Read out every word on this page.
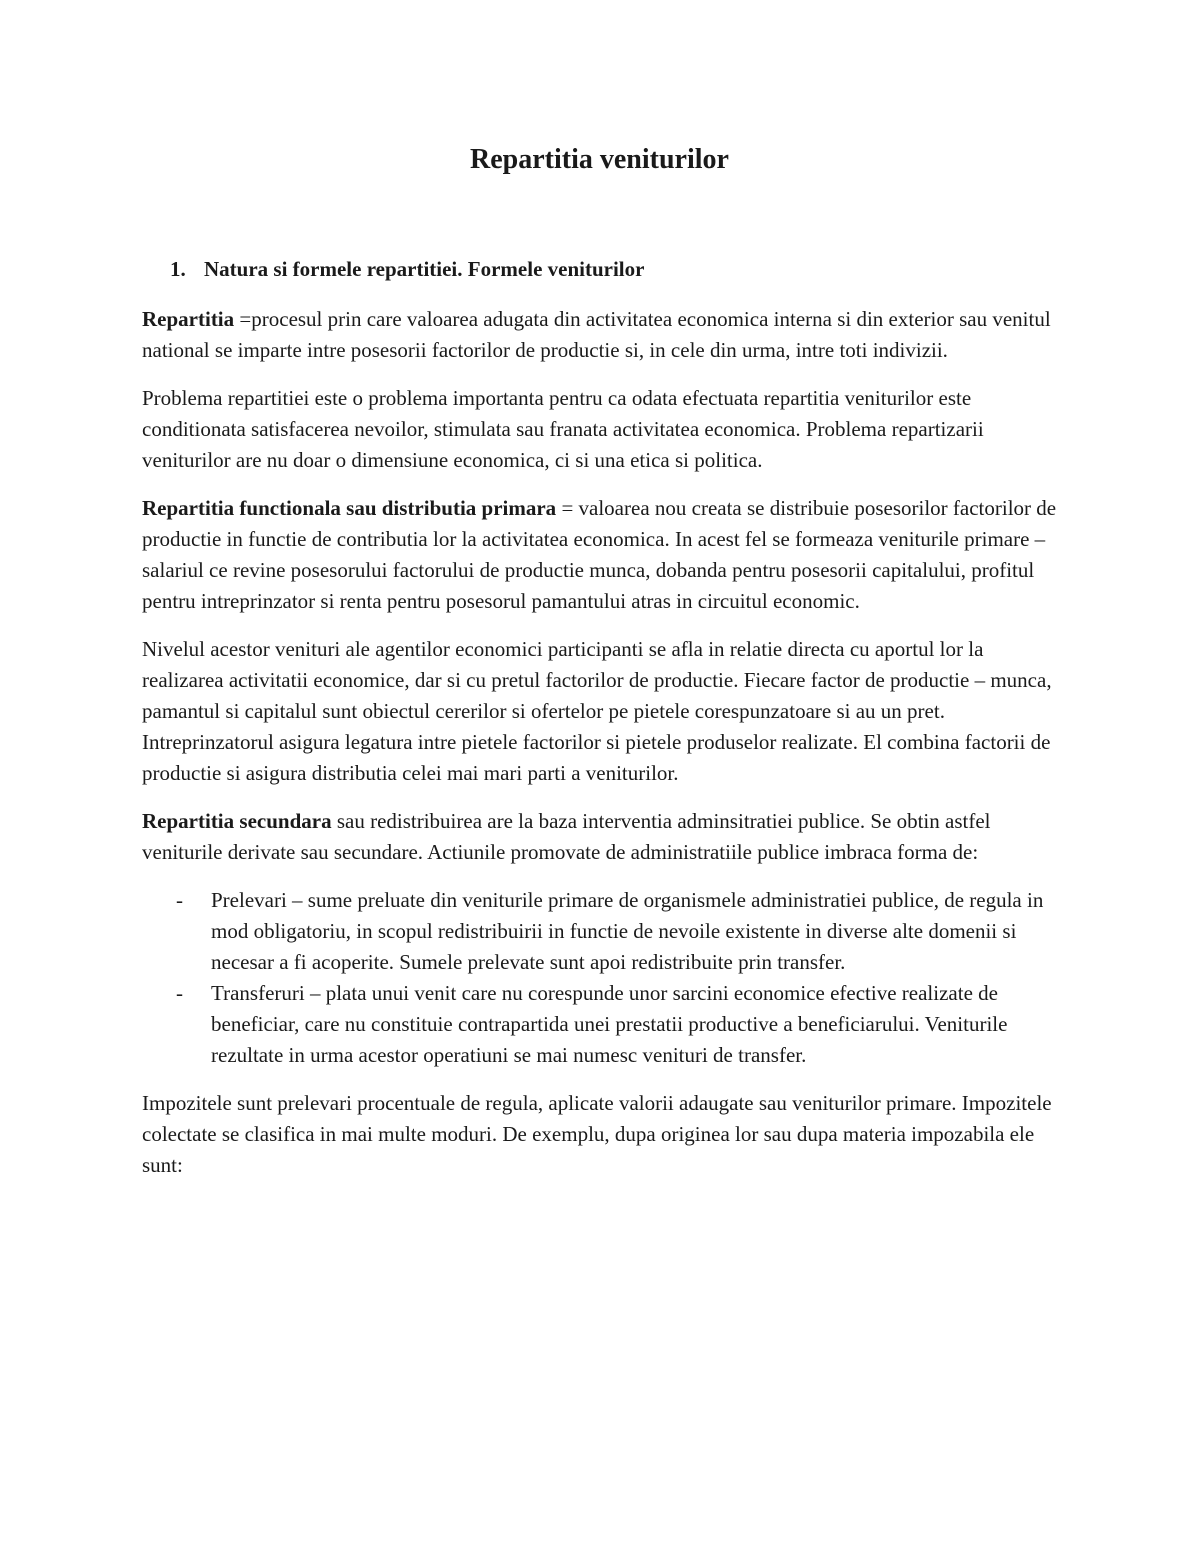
Repartitia veniturilor
1. Natura si formele repartitiei. Formele veniturilor

Repartitia =procesul prin care valoarea adugata din activitatea economica interna si din exterior sau venitul national se imparte intre posesorii factorilor de productie si, in cele din urma, intre toti indivizii.

Problema repartitiei este o problema importanta pentru ca odata efectuata repartitia veniturilor este conditionata satisfacerea nevoilor, stimulata sau franata activitatea economica. Problema repartizarii veniturilor are nu doar o dimensiune economica, ci si una etica si politica.

Repartitia functionala sau distributia primara = valoarea nou creata se distribuie posesorilor factorilor de productie in functie de contributia lor la activitatea economica. In acest fel se formeaza veniturile primare – salariul ce revine posesorului factorului de productie munca, dobanda pentru posesorii capitalului, profitul pentru intreprinzator si renta pentru posesorul pamantului atras in circuitul economic.

Nivelul acestor venituri ale agentilor economici participanti se afla in relatie directa cu aportul lor la realizarea activitatii economice, dar si cu pretul factorilor de productie. Fiecare factor de productie – munca, pamantul si capitalul sunt obiectul cererilor si ofertelor pe pietele corespunzatoare si au un pret. Intreprinzatorul asigura legatura intre pietele factorilor si pietele produselor realizate. El combina factorii de productie si asigura distributia celei mai mari parti a veniturilor.

Repartitia secundara sau redistribuirea are la baza interventia adminsitratiei publice. Se obtin astfel veniturile derivate sau secundare. Actiunile promovate de administratiile publice imbraca forma de:

- Prelevari – sume preluate din veniturile primare de organismele administratiei publice, de regula in mod obligatoriu, in scopul redistribuirii in functie de nevoile existente in diverse alte domenii si necesar a fi acoperite. Sumele prelevate sunt apoi redistribuite prin transfer.
- Transferuri – plata unui venit care nu corespunde unor sarcini economice efective realizate de beneficiar, care nu constituie contrapartida unei prestatii productive a beneficiarului. Veniturile rezultate in urma acestor operatiuni se mai numesc venituri de transfer.

Impozitele sunt prelevari procentuale de regula, aplicate valorii adaugate sau veniturilor primare. Impozitele colectate se clasifica in mai multe moduri. De exemplu, dupa originea lor sau dupa materia impozabila ele sunt:
